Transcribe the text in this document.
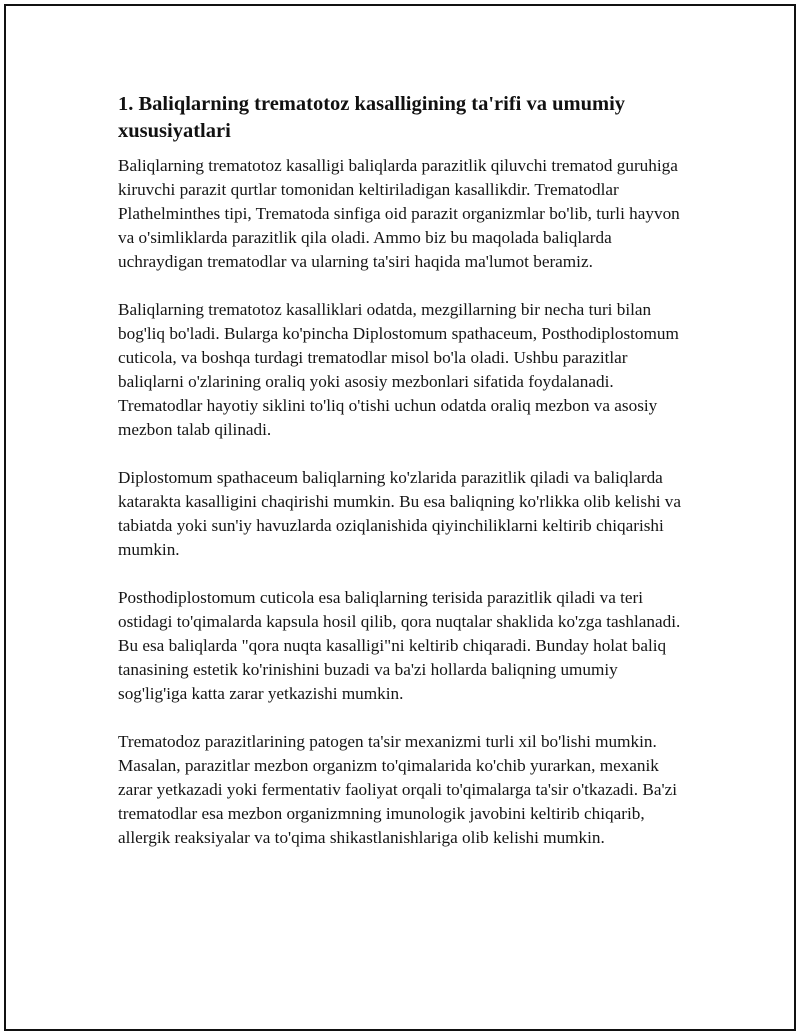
1. Baliqlarning trematotoz kasalligining ta'rifi va umumiy xususiyatlari

Baliqlarning trematotoz kasalligi baliqlarda parazitlik qiluvchi trematod guruhiga kiruvchi parazit qurtlar tomonidan keltiriladigan kasallikdir. Trematodlar Plathelminthes tipi, Trematoda sinfiga oid parazit organizmlar bo'lib, turli hayvon va o'simliklarda parazitlik qila oladi. Ammo biz bu maqolada baliqlarda uchraydigan trematodlar va ularning ta'siri haqida ma'lumot beramiz.

Baliqlarning trematotoz kasalliklari odatda, mezgillarning bir necha turi bilan bog'liq bo'ladi. Bularga ko'pincha Diplostomum spathaceum, Posthodiplostomum cuticola, va boshqa turdagi trematodlar misol bo'la oladi. Ushbu parazitlar baliqlarni o'zlarining oraliq yoki asosiy mezbonlari sifatida foydalanadi. Trematodlar hayotiy siklini to'liq o'tishi uchun odatda oraliq mezbon va asosiy mezbon talab qilinadi.

Diplostomum spathaceum baliqlarning ko'zlarida parazitlik qiladi va baliqlarda katarakta kasalligini chaqirishi mumkin. Bu esa baliqning ko'rlikka olib kelishi va tabiatda yoki sun'iy havuzlarda oziqlanishida qiyinchiliklarni keltirib chiqarishi mumkin.

Posthodiplostomum cuticola esa baliqlarning terisida parazitlik qiladi va teri ostidagi to'qimalarda kapsula hosil qilib, qora nuqtalar shaklida ko'zga tashlanadi. Bu esa baliqlarda "qora nuqta kasalligi"ni keltirib chiqaradi. Bunday holat baliq tanasining estetik ko'rinishini buzadi va ba'zi hollarda baliqning umumiy sog'lig'iga katta zarar yetkazishi mumkin.

Trematodoz parazitlarining patogen ta'sir mexanizmi turli xil bo'lishi mumkin. Masalan, parazitlar mezbon organizm to'qimalarida ko'chib yurarkan, mexanik zarar yetkazadi yoki fermentativ faoliyat orqali to'qimalarga ta'sir o'tkazadi. Ba'zi trematodlar esa mezbon organizmning imunologik javobini keltirib chiqarib, allergik reaksiyalar va to'qima shikastlanishlariga olib kelishi mumkin.
